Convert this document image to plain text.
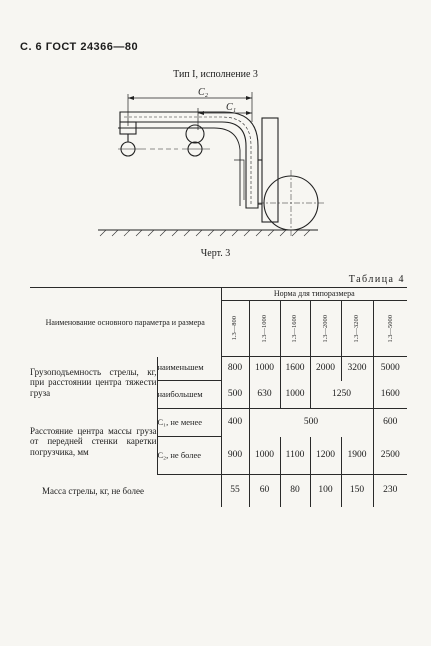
С. 6 ГОСТ 24366—80
Тип I, исполнение 3
C₂
C₁
Черт. 3
Таблица 4
Наименование основного параметра и размера		Норма для типоразмера					

		1.3—800	1.3—1000	1.3—1600	1.3—2000	1.3—3200	1.3—5000

Грузоподъемность стрелы, кг, при расстоянии центра тяжести груза	наименьшем	800	1000	1600	2000	3200	5000
	наибольшем	500	630	1000	1250		1600
Расстояние центра массы груза от передней стенки каретки погрузчика, мм	C₁, не менее	400	500				600
	C₂, не более	900	1000	1100	1200	1900	2500
Масса стрелы, кг, не более		55	60	80	100	150	230
